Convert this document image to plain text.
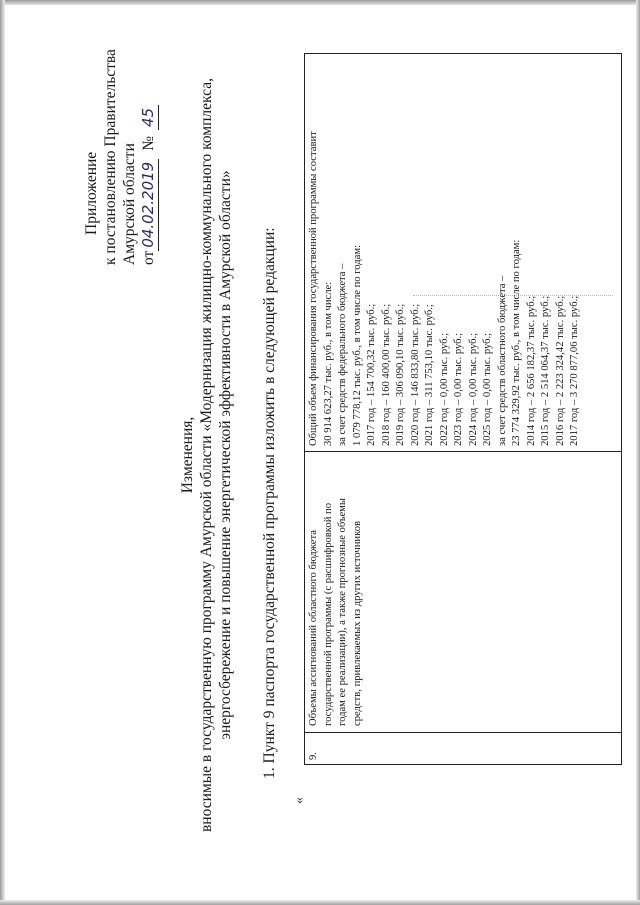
Приложение к постановлению Правительства Амурской области от
04.02.2019
№
45
Изменения, вносимые в государственную программу Амурской области «Модернизация жилищно-коммунального комплекса, энергосбережение и повышение энергетической эффективности в Амурской области» 1. Пункт 9 паспорта государственной программы изложить в следующей редакции:
«
9.
Объемы ассигнований областного бюджета государственной программы (с расшифровкой по годам ее реализации), а также прогнозные объемы средств, привлекаемых из других источников
Общий объем финансирования государственной программы составит 30 914 623,27 тыс. руб., в том числе: за счет средств федерального бюджета – 1 079 778,12 тыс. руб., в том числе по годам: 2017 год – 154 700,32 тыс. руб.; 2018 год – 160 400,00 тыс. руб.; 2019 год – 306 090,10 тыс. руб.; 2020 год – 146 833,80 тыс. руб.; 2021 год – 311 753,10 тыс. руб.; 2022 год – 0,00 тыс. руб.; 2023 год – 0,00 тыс. руб.; 2024 год – 0,00 тыс. руб.; 2025 год – 0,00 тыс. руб.; за счет средств областного бюджета – 23 774 329,92 тыс. руб., в том числе по годам: 2014 год – 2 656 182,37 тыс. руб.; 2015 год – 2 514 064,37 тыс. руб.; 2016 год – 2 223 324,42 тыс. руб.; 2017 год – 3 270 877,06 тыс. руб.;
